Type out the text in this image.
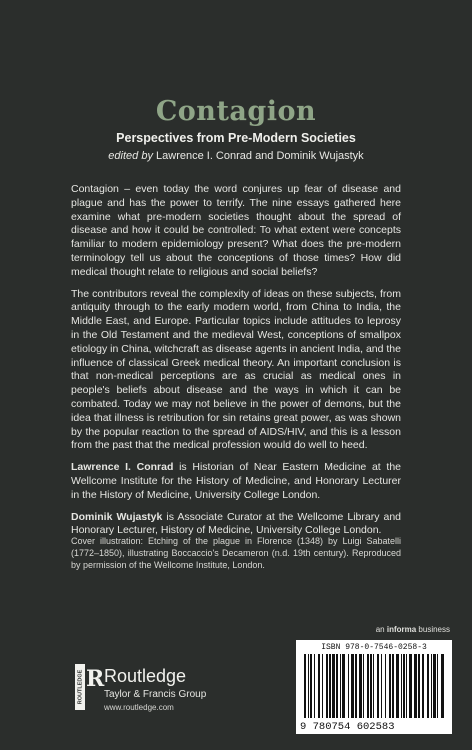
Contagion
Perspectives from Pre-Modern Societies
edited by Lawrence I. Conrad and Dominik Wujastyk

Contagion – even today the word conjures up fear of disease and plague and has the power to terrify. The nine essays gathered here examine what pre-modern societies thought about the spread of disease and how it could be controlled: To what extent were concepts familiar to modern epidemiology present? What does the pre-modern terminology tell us about the conceptions of those times? How did medical thought relate to religious and social beliefs?

The contributors reveal the complexity of ideas on these subjects, from antiquity through to the early modern world, from China to India, the Middle East, and Europe. Particular topics include attitudes to leprosy in the Old Testament and the medieval West, conceptions of smallpox etiology in China, witchcraft as disease agents in ancient India, and the influence of classical Greek medical theory. An important conclusion is that non-medical perceptions are as crucial as medical ones in people's beliefs about disease and the ways in which it can be combated. Today we may not believe in the power of demons, but the idea that illness is retribution for sin retains great power, as was shown by the popular reaction to the spread of AIDS/HIV, and this is a lesson from the past that the medical profession would do well to heed.

Lawrence I. Conrad is Historian of Near Eastern Medicine at the Wellcome Institute for the History of Medicine, and Honorary Lecturer in the History of Medicine, University College London.

Dominik Wujastyk is Associate Curator at the Wellcome Library and Honorary Lecturer, History of Medicine, University College London.

Cover illustration: Etching of the plague in Florence (1348) by Luigi Sabatelli (1772–1850), illustrating Boccaccio's Decameron (n.d. 19th century). Reproduced by permission of the Wellcome Institute, London.
an informa business
ISBN 978-0-7546-0258-3
9 780754 602583
ROUTLEDGE R Routledge
Taylor & Francis Group
www.routledge.com
